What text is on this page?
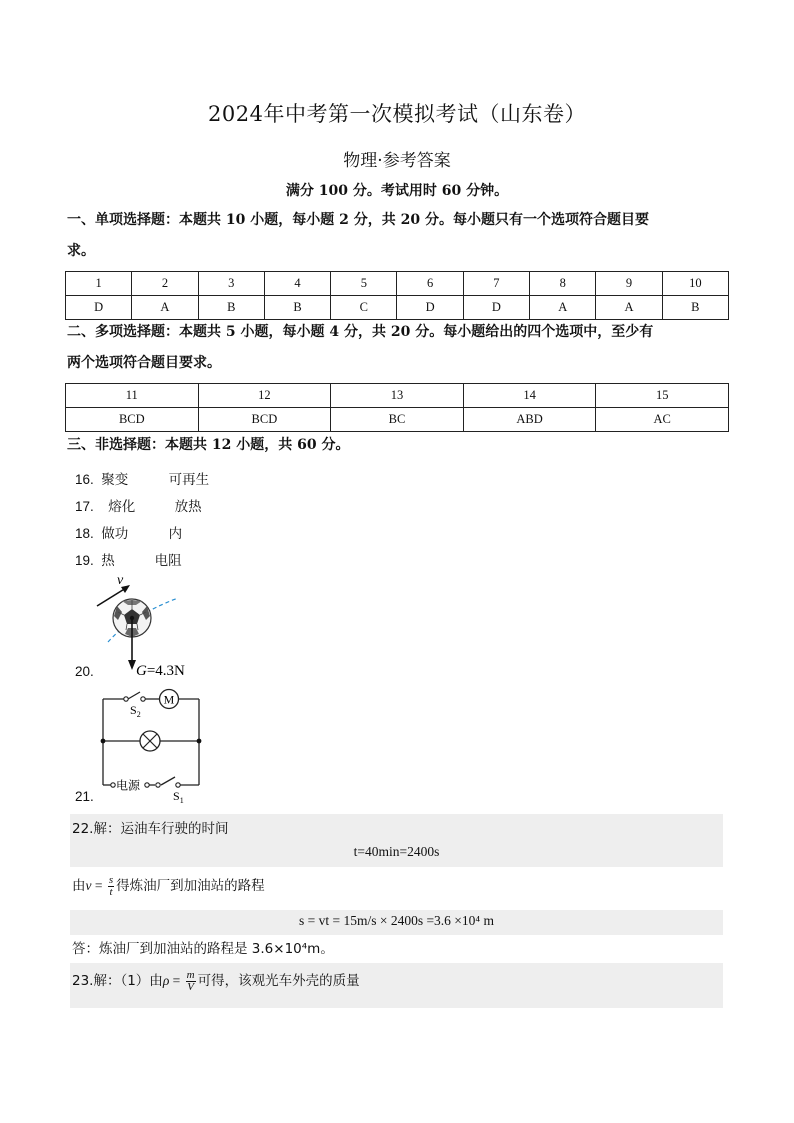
2024年中考第一次模拟考试（山东卷）
物理·参考答案
满分 100 分。考试用时 60 分钟。
一、单项选择题：本题共 10 小题，每小题 2 分，共 20 分。每小题只有一个选项符合题目要
求。
1	2	3	4	5	6	7	8	9	10
D	A	B	B	C	D	D	A	A	B
二、多项选择题：本题共 5 小题，每小题 4 分，共 20 分。每小题给出的四个选项中，至少有
两个选项符合题目要求。
11	12	13	14	15
BCD	BCD	BC	ABD	AC
三、非选择题：本题共 12 小题，共 60 分。
16. 聚变	可再生
17. 熔化	放热
18. 做功	内
19. 热	电阻
v
G=4.3N
20.
M
$S_2$
电源
$S_1$
21.
22.解：运油车行驶的时间
t=40min=2400s
由$v = \frac{s}{t}$ 得炼油厂到加油站的路程
s = vt = 15m/s × 2400s =3.6 ×10⁴ m
答：炼油厂到加油站的路程是 3.6×10⁴m。
23.解：（1）由$\rho = \frac{m}{V}$ 可得，该观光车外壳的质量
